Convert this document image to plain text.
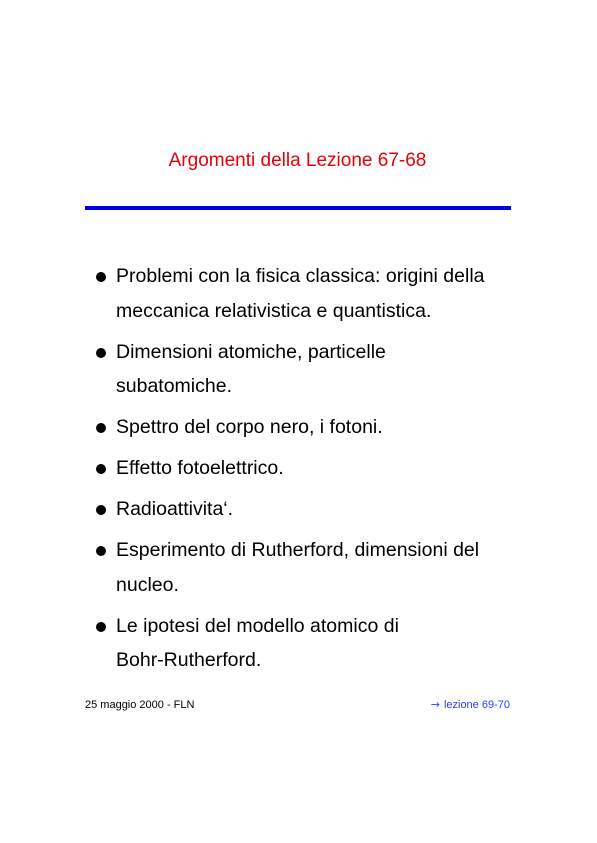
Argomenti della Lezione 67-68
Problemi con la fisica classica: origini della
meccanica relativistica e quantistica.
Dimensioni atomiche, particelle
subatomiche.
Spettro del corpo nero, i fotoni.
Effetto fotoelettrico.
Radioattivita‘.
Esperimento di Rutherford, dimensioni del
nucleo.
Le ipotesi del modello atomico di
Bohr-Rutherford.
25 maggio 2000 - FLN	→ lezione 69-70
